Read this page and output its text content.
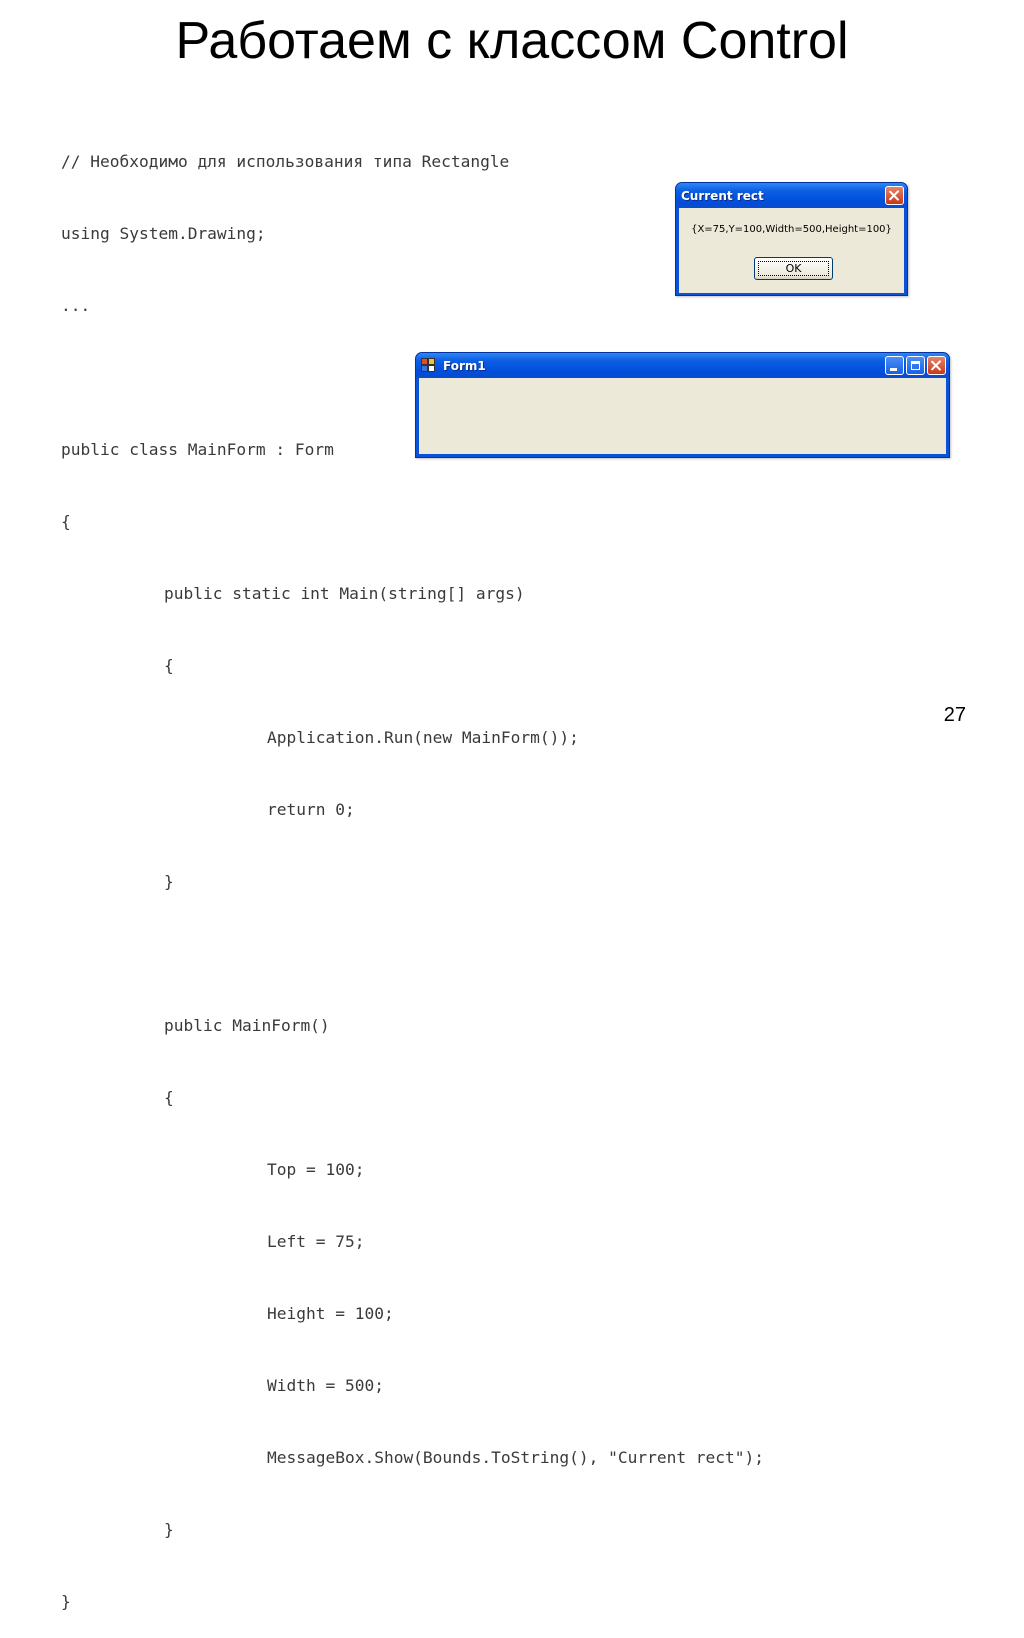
Работаем с классом Control

// Необходимо для использования типа Rectangle

using System.Drawing;

...

public class MainForm : Form

{

public static int Main(string[] args)

{

Application.Run(new MainForm());

return 0;

}

public MainForm()

{

Top = 100;

Left = 75;

Height = 100;

Width = 500;

MessageBox.Show(Bounds.ToString(), "Current rect");

}

}

Current rect
{X=75,Y=100,Width=500,Height=100}
OK
Form1
27
